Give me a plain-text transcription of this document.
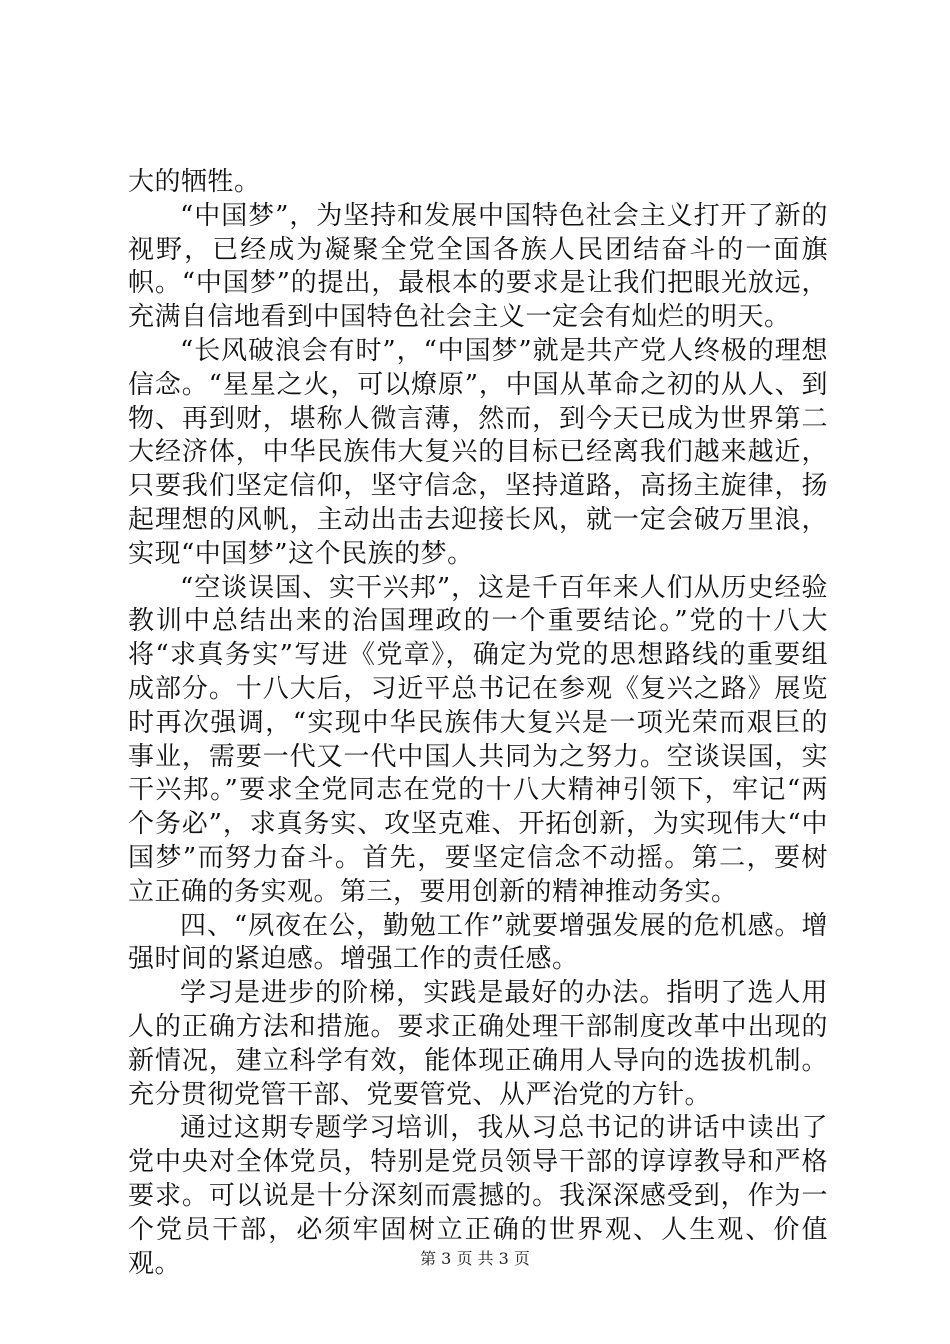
大的牺牲。

“中国梦”，为坚持和发展中国特色社会主义打开了新的视野，已经成为凝聚全党全国各族人民团结奋斗的一面旗帜。“中国梦”的提出，最根本的要求是让我们把眼光放远，充满自信地看到中国特色社会主义一定会有灿烂的明天。

“长风破浪会有时”，“中国梦”就是共产党人终极的理想信念。“星星之火，可以燎原”，中国从革命之初的从人、到物、再到财，堪称人微言薄，然而，到今天已成为世界第二大经济体，中华民族伟大复兴的目标已经离我们越来越近，只要我们坚定信仰，坚守信念，坚持道路，高扬主旋律，扬起理想的风帆，主动出击去迎接长风，就一定会破万里浪，实现“中国梦”这个民族的梦。

“空谈误国、实干兴邦”，这是千百年来人们从历史经验教训中总结出来的治国理政的一个重要结论。”党的十八大将“求真务实”写进《党章》，确定为党的思想路线的重要组成部分。十八大后，习近平总书记在参观《复兴之路》展览时再次强调，“实现中华民族伟大复兴是一项光荣而艰巨的事业，需要一代又一代中国人共同为之努力。空谈误国，实干兴邦。”要求全党同志在党的十八大精神引领下，牢记“两个务必”，求真务实、攻坚克难、开拓创新，为实现伟大“中国梦”而努力奋斗。首先，要坚定信念不动摇。第二，要树立正确的务实观。第三，要用创新的精神推动务实。

四、“夙夜在公，勤勉工作”就要增强发展的危机感。增强时间的紧迫感。增强工作的责任感。

学习是进步的阶梯，实践是最好的办法。指明了选人用人的正确方法和措施。要求正确处理干部制度改革中出现的新情况，建立科学有效，能体现正确用人导向的选拔机制。充分贯彻党管干部、党要管党、从严治党的方针。

通过这期专题学习培训，我从习总书记的讲话中读出了党中央对全体党员，特别是党员领导干部的谆谆教导和严格要求。可以说是十分深刻而震撼的。我深深感受到，作为一个党员干部，必须牢固树立正确的世界观、人生观、价值观。	第 3 页 共 3 页
